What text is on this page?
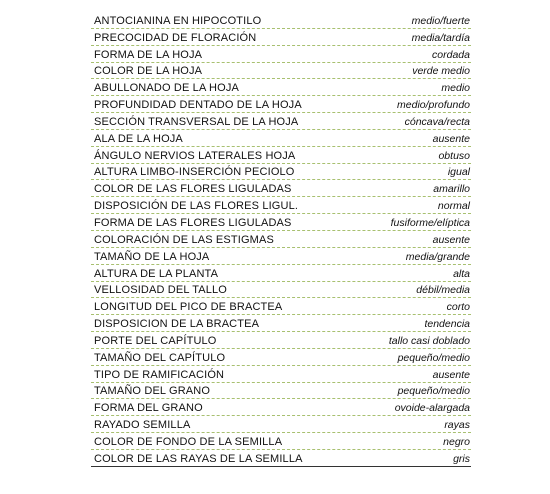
ANTOCIANINA EN HIPOCOTILO	medio/fuerte
PRECOCIDAD DE FLORACIÓN	media/tardía
FORMA DE LA HOJA	cordada
COLOR DE LA HOJA	verde medio
ABULLONADO DE LA HOJA	medio
PROFUNDIDAD DENTADO DE LA HOJA	medio/profundo
SECCIÓN TRANSVERSAL DE LA HOJA	cóncava/recta
ALA DE LA HOJA	ausente
ÁNGULO NERVIOS LATERALES HOJA	obtuso
ALTURA LIMBO-INSERCIÓN PECIOLO	igual
COLOR DE LAS FLORES LIGULADAS	amarillo
DISPOSICIÓN DE LAS FLORES LIGUL.	normal
FORMA DE LAS FLORES LIGULADAS	fusiforme/elíptica
COLORACIÓN DE LAS ESTIGMAS	ausente
TAMAÑO DE LA HOJA	media/grande
ALTURA DE LA PLANTA	alta
VELLOSIDAD DEL TALLO	débil/media
LONGITUD DEL PICO DE BRACTEA	corto
DISPOSICION DE LA BRACTEA	tendencia
PORTE DEL CAPÍTULO	tallo casi doblado
TAMAÑO DEL CAPÍTULO	pequeño/medio
TIPO DE RAMIFICACIÓN	ausente
TAMAÑO DEL GRANO	pequeño/medio
FORMA DEL GRANO	ovoide-alargada
RAYADO SEMILLA	rayas
COLOR DE FONDO DE LA SEMILLA	negro
COLOR DE LAS RAYAS DE LA SEMILLA	gris
